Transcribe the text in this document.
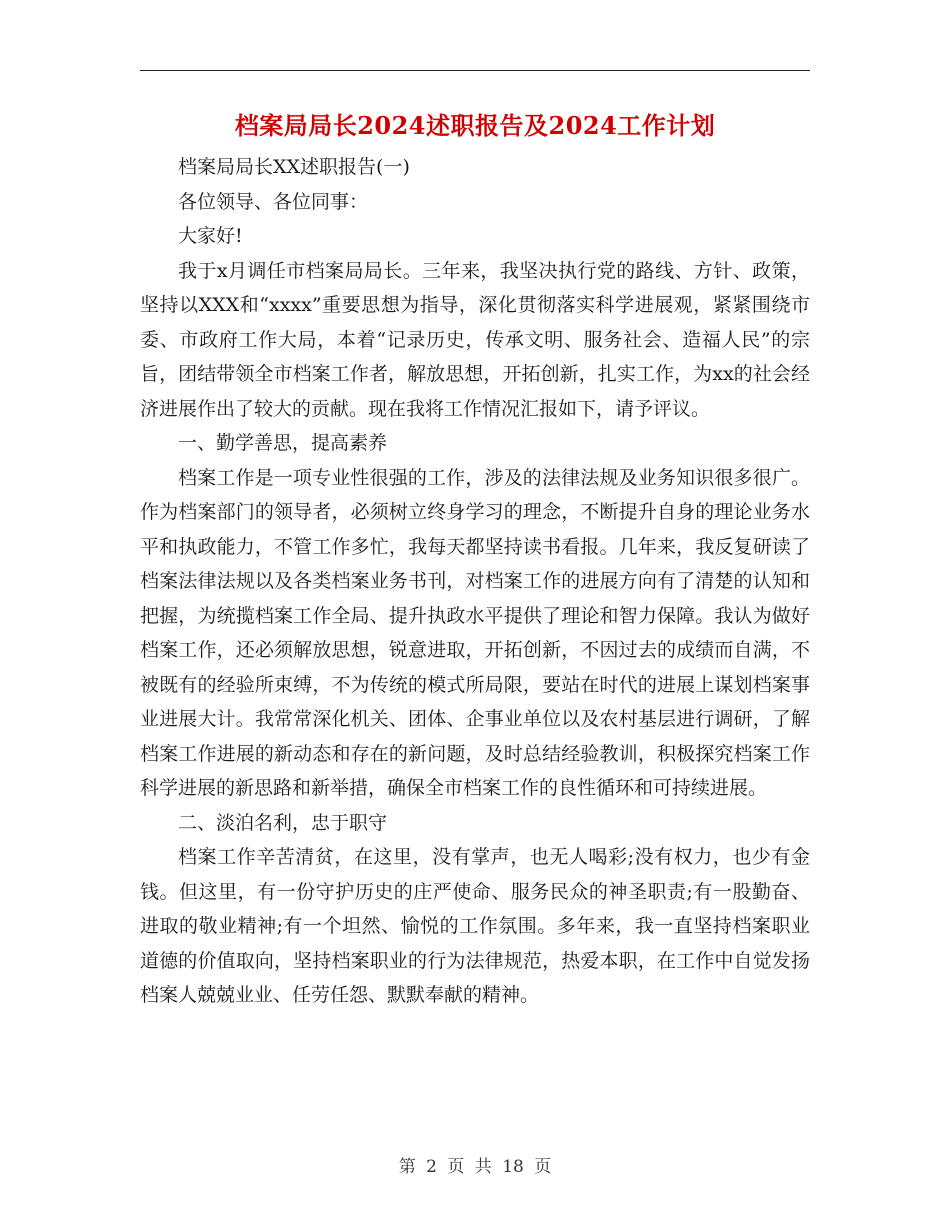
档案局局长2024述职报告及2024工作计划

档案局局长XX述职报告(一)

各位领导、各位同事：

大家好!

我于x月调任市档案局局长。三年来，我坚决执行党的路线、方针、政策，坚持以XXX和“xxxx”重要思想为指导，深化贯彻落实科学进展观，紧紧围绕市委、市政府工作大局，本着“记录历史，传承文明、服务社会、造福人民”的宗旨，团结带领全市档案工作者，解放思想，开拓创新，扎实工作，为xx的社会经济进展作出了较大的贡献。现在我将工作情况汇报如下，请予评议。

一、勤学善思，提高素养

档案工作是一项专业性很强的工作，涉及的法律法规及业务知识很多很广。作为档案部门的领导者，必须树立终身学习的理念，不断提升自身的理论业务水平和执政能力，不管工作多忙，我每天都坚持读书看报。几年来，我反复研读了档案法律法规以及各类档案业务书刊，对档案工作的进展方向有了清楚的认知和把握，为统揽档案工作全局、提升执政水平提供了理论和智力保障。我认为做好档案工作，还必须解放思想，锐意进取，开拓创新，不因过去的成绩而自满，不被既有的经验所束缚，不为传统的模式所局限，要站在时代的进展上谋划档案事业进展大计。我常常深化机关、团体、企事业单位以及农村基层进行调研，了解档案工作进展的新动态和存在的新问题，及时总结经验教训，积极探究档案工作科学进展的新思路和新举措，确保全市档案工作的良性循环和可持续进展。

二、淡泊名利，忠于职守

档案工作辛苦清贫，在这里，没有掌声，也无人喝彩;没有权力，也少有金钱。但这里，有一份守护历史的庄严使命、服务民众的神圣职责;有一股勤奋、进取的敬业精神;有一个坦然、愉悦的工作氛围。多年来，我一直坚持档案职业道德的价值取向，坚持档案职业的行为法律规范，热爱本职，在工作中自觉发扬档案人兢兢业业、任劳任怨、默默奉献的精神。

第 2 页 共 18 页
